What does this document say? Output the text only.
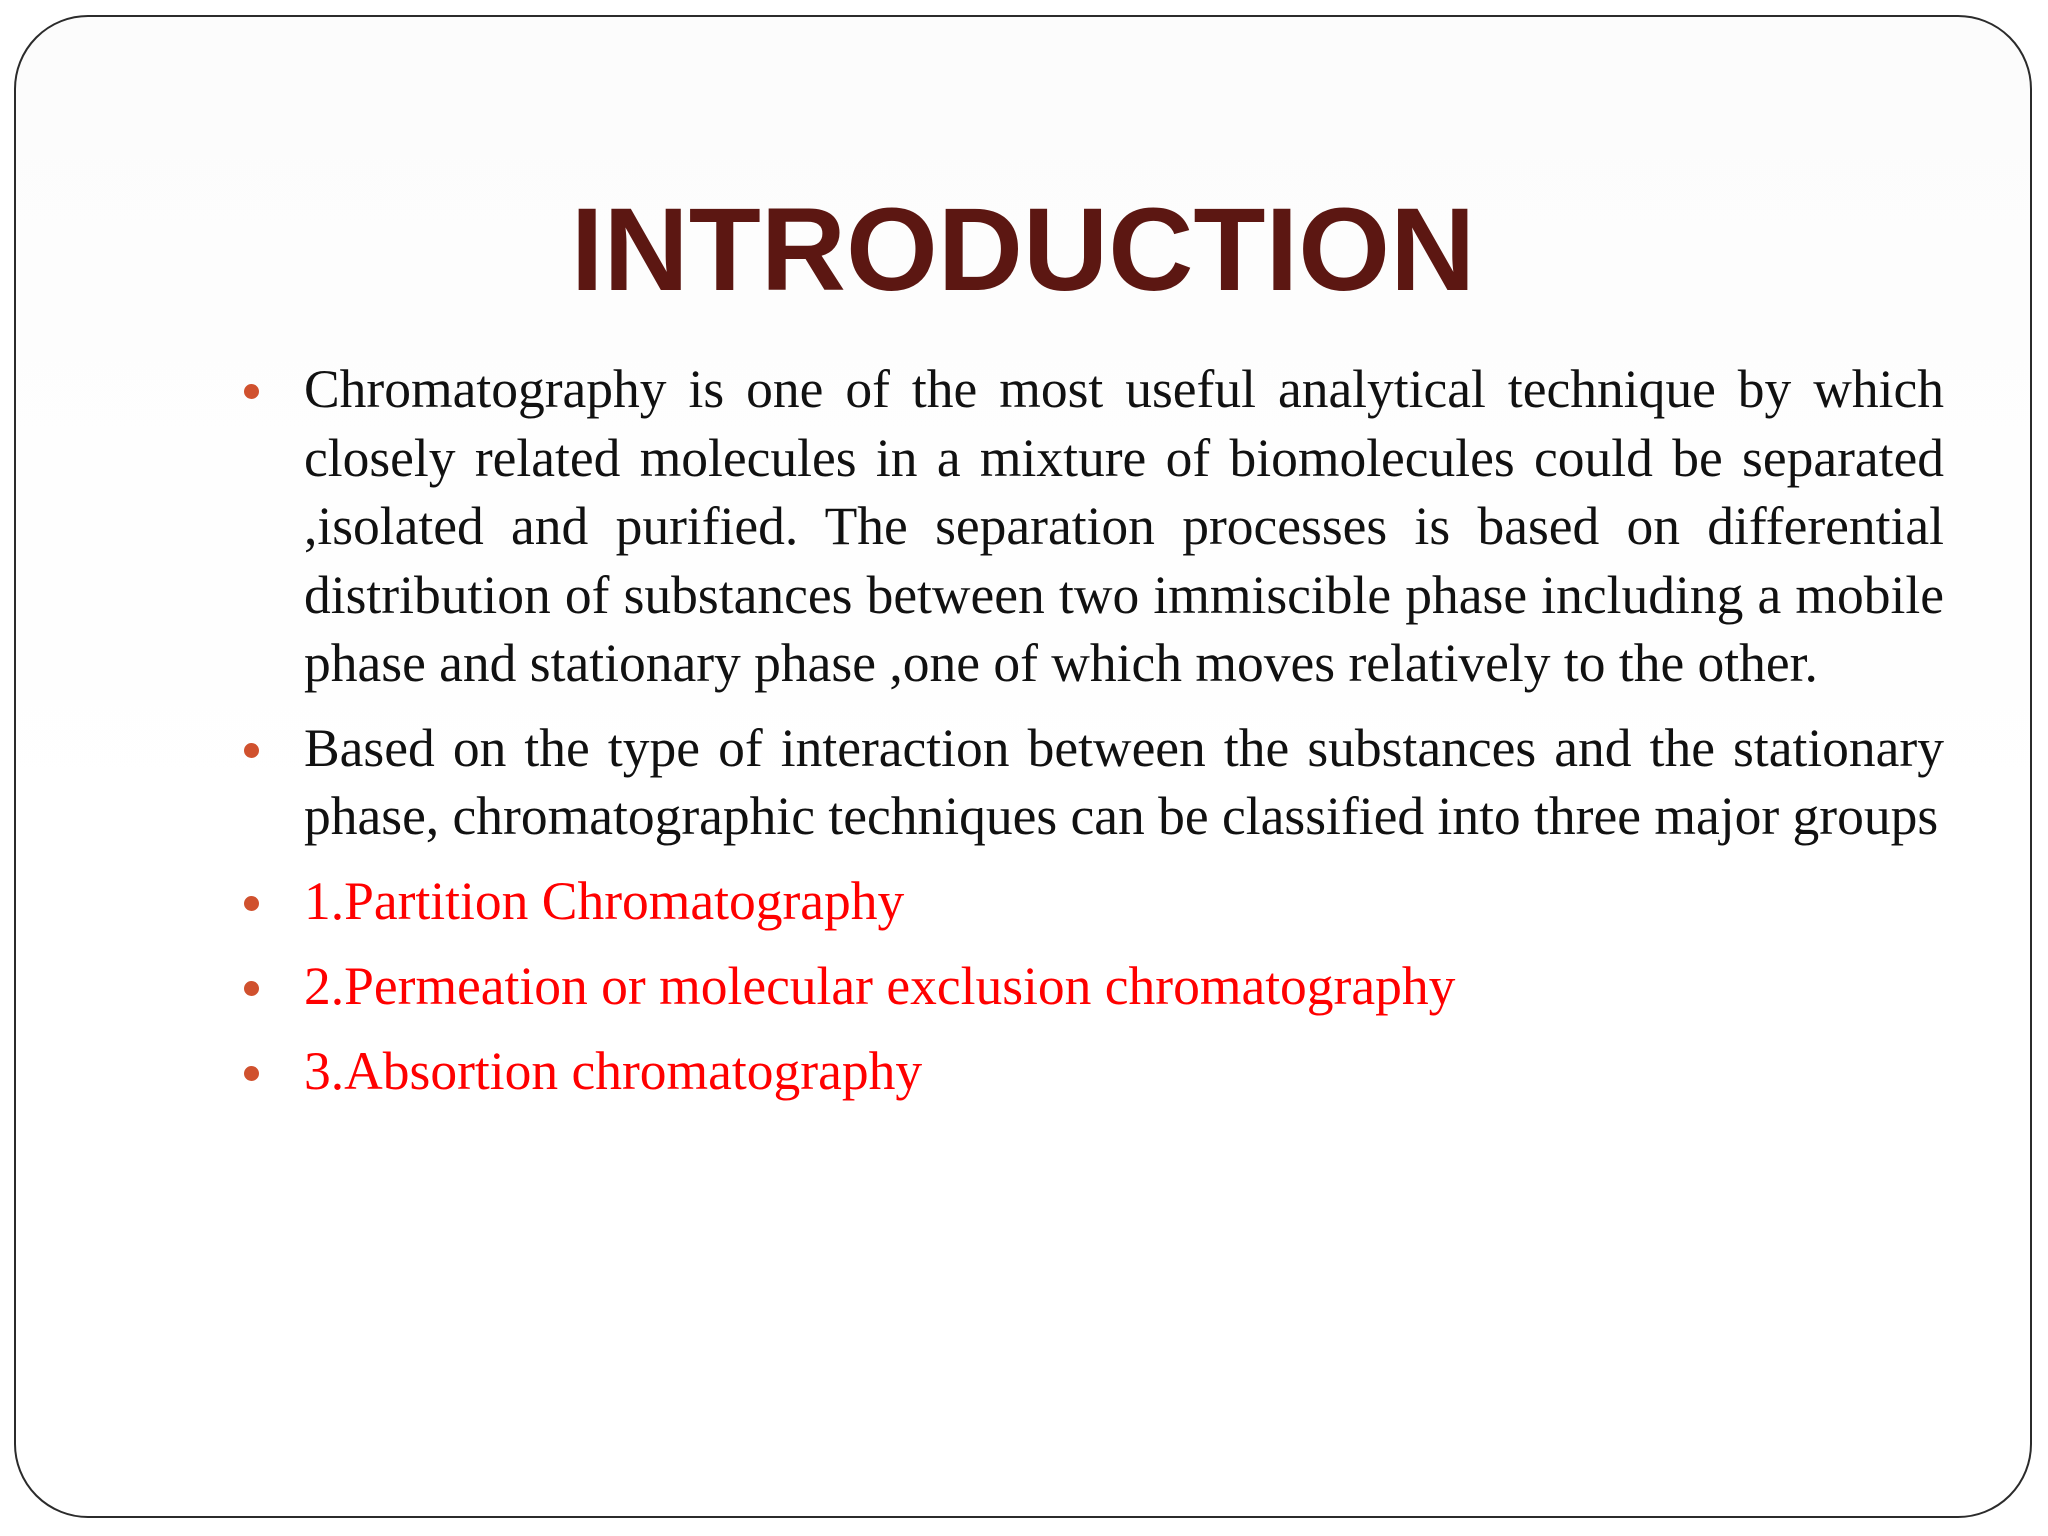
INTRODUCTION
Chromatography is one of the most useful analytical technique by which closely related molecules in a mixture of biomolecules could be separated ,isolated and purified. The separation processes is based on differential distribution of substances between two immiscible phase including a mobile phase and stationary phase ,one of which moves relatively to the other.
Based on the type of interaction between the substances and the stationary phase, chromatographic techniques can be classified into three major groups
1.Partition Chromatography
2.Permeation or molecular exclusion chromatography
3.Absortion chromatography
